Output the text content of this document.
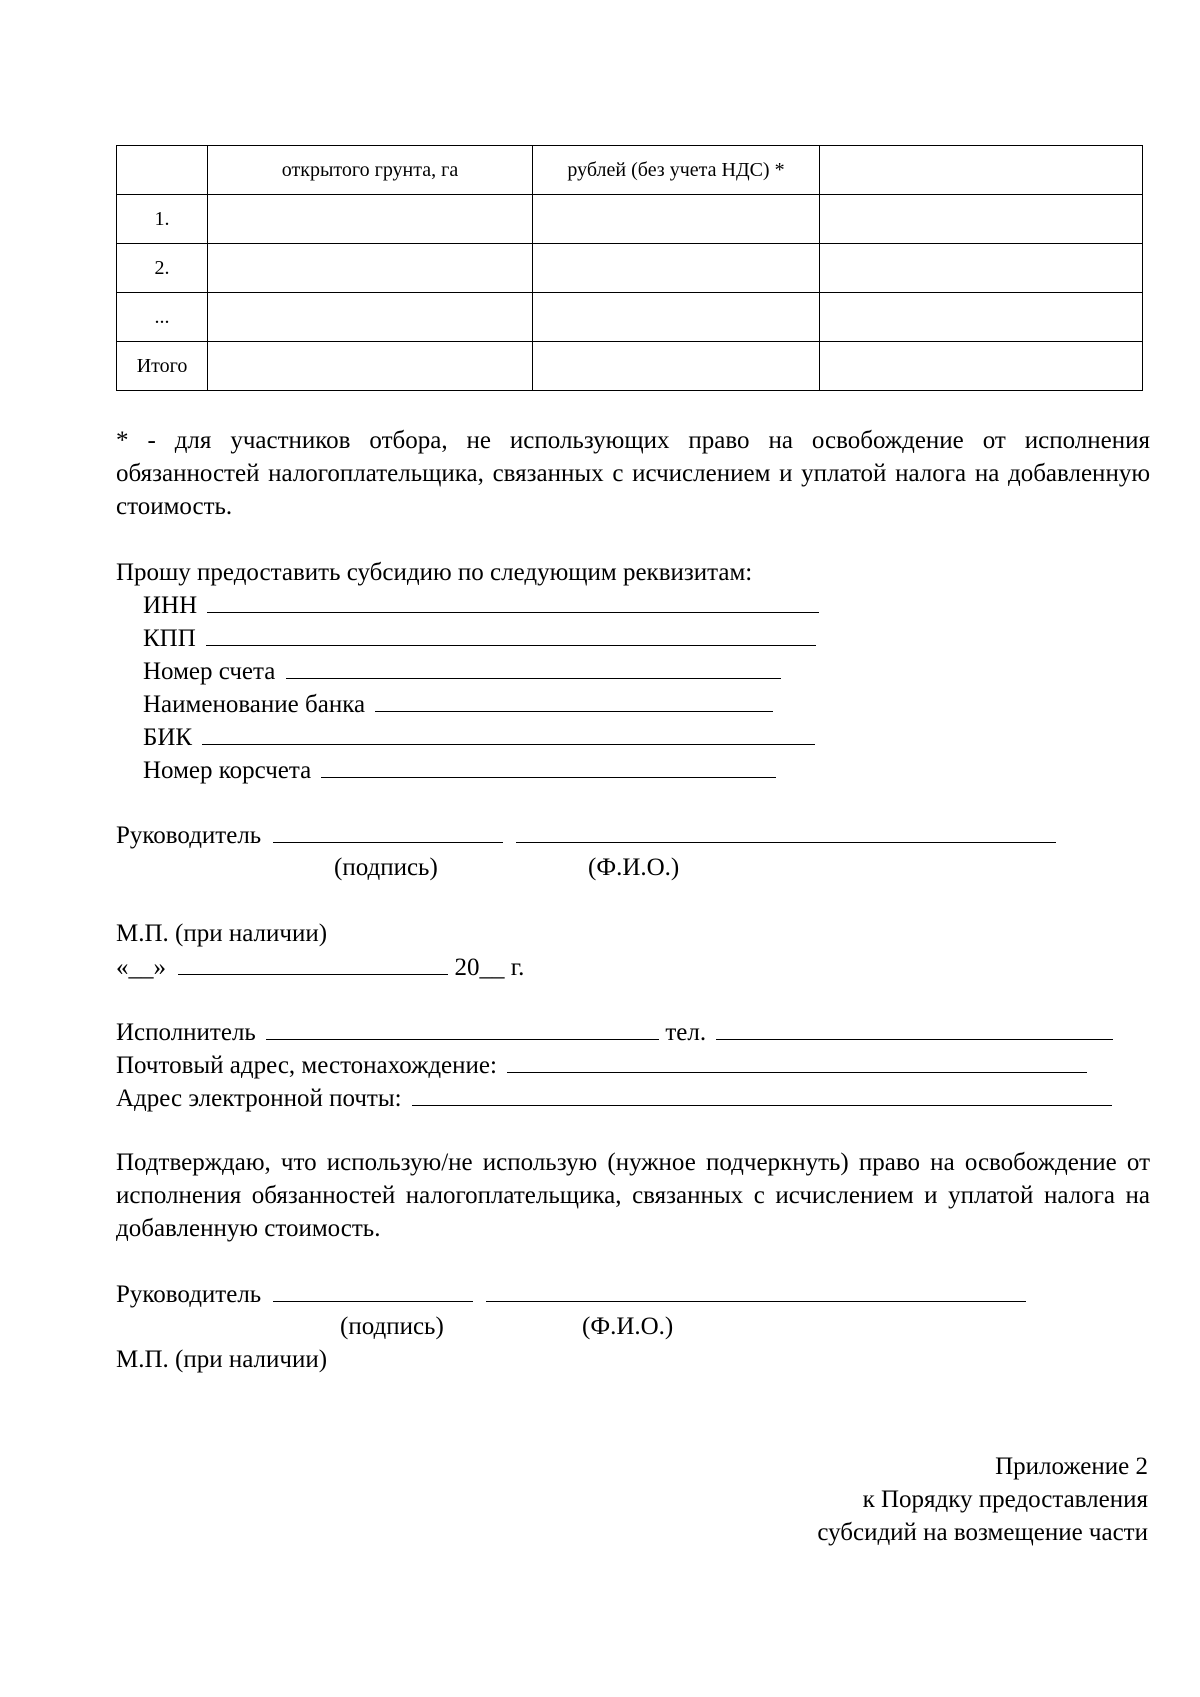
	открытого грунта, га	рублей (без учета НДС) *	
1.			
2.			
...			
Итого			
* - для участников отбора, не использующих право на освобождение от исполнения обязанностей налогоплательщика, связанных с исчислением и уплатой налога на добавленную стоимость.
Прошу предоставить субсидию по следующим реквизитам:
ИНН
КПП
Номер счета
Наименование банка
БИК
Номер корсчета
Руководитель
(подпись)	(Ф.И.О.)
М.П. (при наличии)
«__»	20__ г.
Исполнитель	тел.
Почтовый адрес, местонахождение:
Адрес электронной почты:
Подтверждаю, что использую/не использую (нужное подчеркнуть) право на освобождение от исполнения обязанностей налогоплательщика, связанных с исчислением и уплатой налога на добавленную стоимость.
Руководитель
(подпись)	(Ф.И.О.)
М.П. (при наличии)
Приложение 2
к Порядку предоставления
субсидий на возмещение части
